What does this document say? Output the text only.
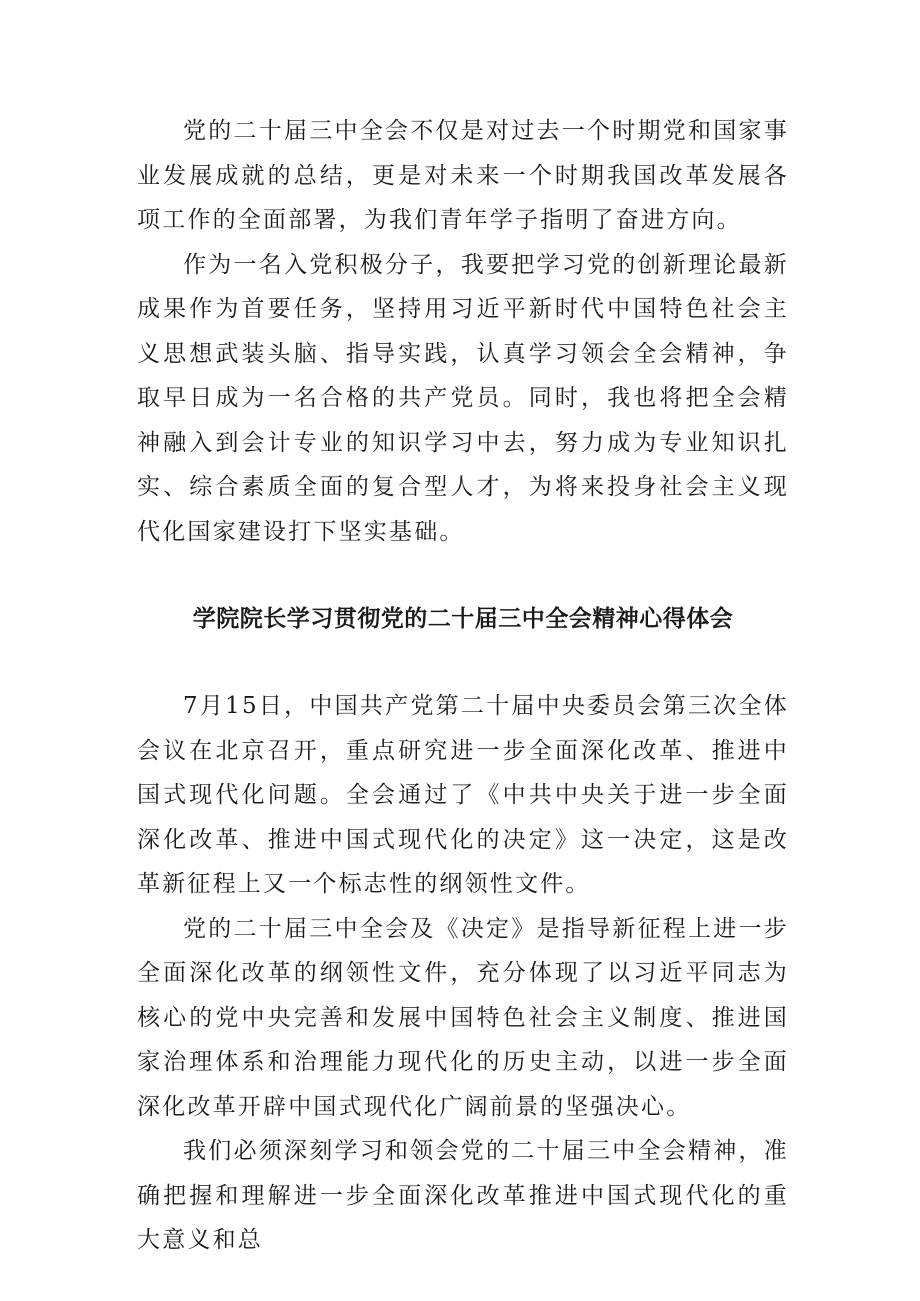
党的二十届三中全会不仅是对过去一个时期党和国家事业发展成就的总结，更是对未来一个时期我国改革发展各项工作的全面部署，为我们青年学子指明了奋进方向。

作为一名入党积极分子，我要把学习党的创新理论最新成果作为首要任务，坚持用习近平新时代中国特色社会主义思想武装头脑、指导实践，认真学习领会全会精神，争取早日成为一名合格的共产党员。同时，我也将把全会精神融入到会计专业的知识学习中去，努力成为专业知识扎实、综合素质全面的复合型人才，为将来投身社会主义现代化国家建设打下坚实基础。

学院院长学习贯彻党的二十届三中全会精神心得体会

7月15日，中国共产党第二十届中央委员会第三次全体会议在北京召开，重点研究进一步全面深化改革、推进中国式现代化问题。全会通过了《中共中央关于进一步全面深化改革、推进中国式现代化的决定》这一决定，这是改革新征程上又一个标志性的纲领性文件。

党的二十届三中全会及《决定》是指导新征程上进一步全面深化改革的纲领性文件，充分体现了以习近平同志为核心的党中央完善和发展中国特色社会主义制度、推进国家治理体系和治理能力现代化的历史主动，以进一步全面深化改革开辟中国式现代化广阔前景的坚强决心。

我们必须深刻学习和领会党的二十届三中全会精神，准确把握和理解进一步全面深化改革推进中国式现代化的重大意义和总
